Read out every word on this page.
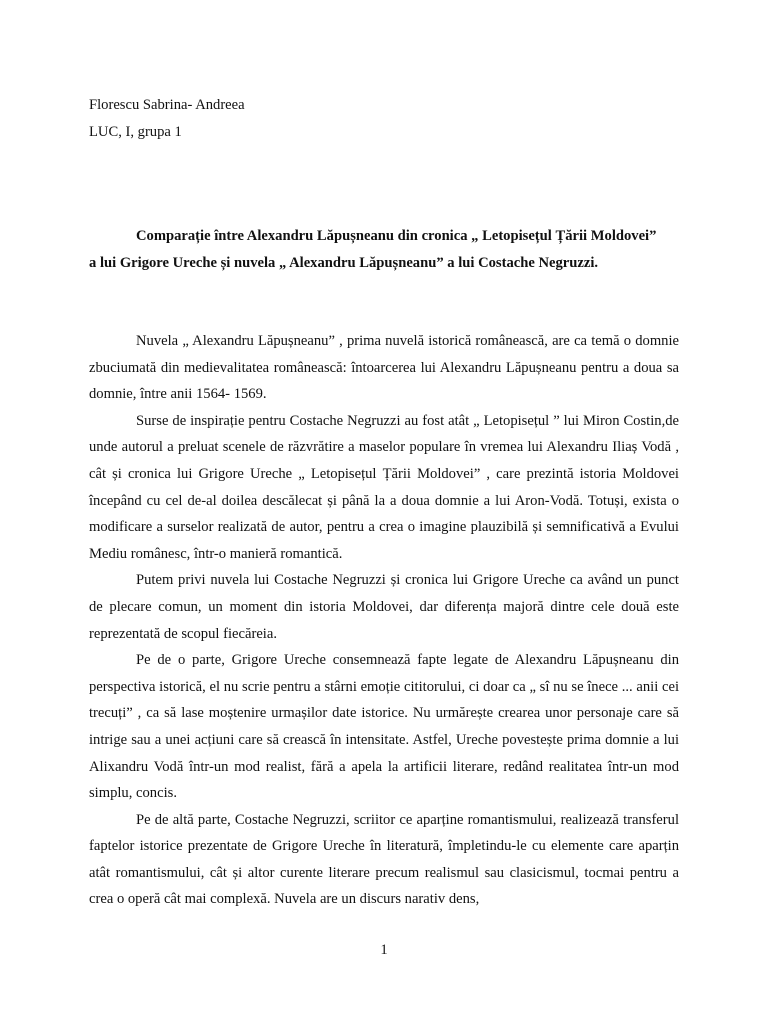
Florescu Sabrina- Andreea
LUC, I, grupa 1
Comparație între Alexandru Lăpușneanu din cronica „ Letopisețul Țării Moldovei”
a lui Grigore Ureche și nuvela „ Alexandru Lăpușneanu” a lui Costache Negruzzi.

Nuvela „ Alexandru Lăpușneanu” , prima nuvelă istorică românească, are ca temă o domnie zbuciumată din medievalitatea românească: întoarcerea lui Alexandru Lăpușneanu pentru a doua sa domnie, între anii 1564- 1569.

Surse de inspirație pentru Costache Negruzzi au fost atât „ Letopisețul ” lui Miron Costin,de unde autorul a preluat scenele de răzvrătire a maselor populare în vremea lui Alexandru Iliaș Vodă , cât și cronica lui Grigore Ureche „ Letopisețul Țării Moldovei” , care prezintă istoria Moldovei începând cu cel de-al doilea descălecat și până la a doua domnie a lui Aron-Vodă. Totuși, exista o modificare a surselor realizată de autor, pentru a crea o imagine plauzibilă și semnificativă a Evului Mediu românesc, într-o manieră romantică.

Putem privi nuvela lui Costache Negruzzi și cronica lui Grigore Ureche ca având un punct de plecare comun, un moment din istoria Moldovei, dar diferența majoră dintre cele două este reprezentată de scopul fiecăreia.

Pe de o parte, Grigore Ureche consemnează fapte legate de Alexandru Lăpușneanu din perspectiva istorică, el nu scrie pentru a stârni emoție cititorului, ci doar ca „ sî nu se înece ... anii cei trecuți” , ca să lase moștenire urmașilor date istorice. Nu urmărește crearea unor personaje care să intrige sau a unei acțiuni care să crească în intensitate. Astfel, Ureche povestește prima domnie a lui Alixandru Vodă într-un mod realist, fără a apela la artificii literare, redând realitatea într-un mod simplu, concis.

Pe de altă parte, Costache Negruzzi, scriitor ce aparține romantismului, realizează transferul faptelor istorice prezentate de Grigore Ureche în literatură, împletindu-le cu elemente care aparțin atât romantismului, cât și altor curente literare precum realismul sau clasicismul, tocmai pentru a crea o operă cât mai complexă. Nuvela are un discurs narativ dens,

1
